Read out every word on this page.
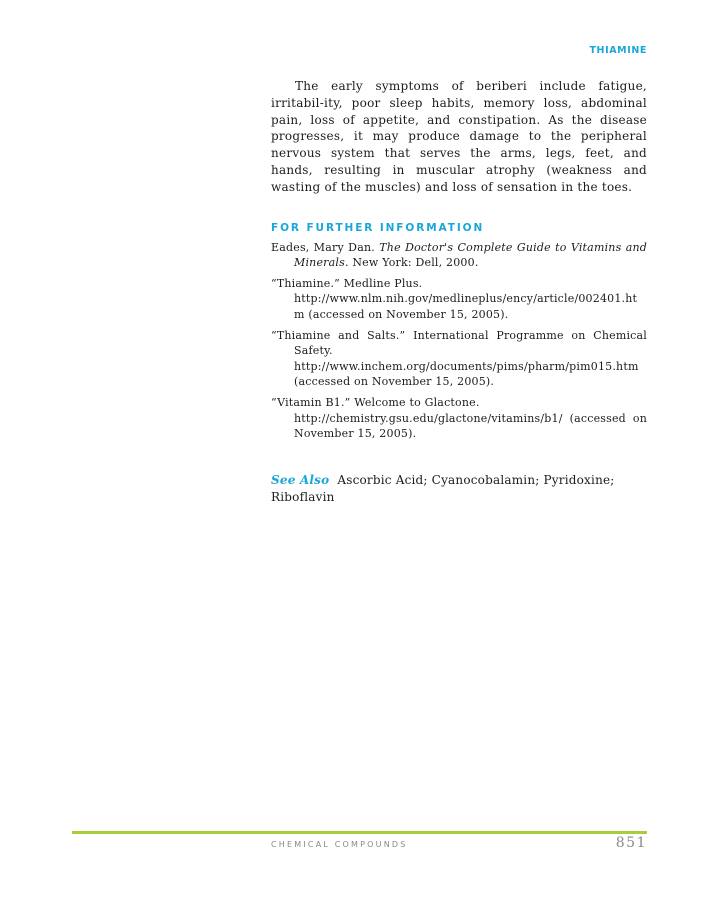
THIAMINE

The early symptoms of beriberi include fatigue, irritabil-ity, poor sleep habits, memory loss, abdominal pain, loss of appetite, and constipation. As the disease progresses, it may produce damage to the peripheral nervous system that serves the arms, legs, feet, and hands, resulting in muscular atrophy (weakness and wasting of the muscles) and loss of sensation in the toes.

FOR FURTHER INFORMATION

Eades, Mary Dan. The Doctor's Complete Guide to Vitamins and Minerals. New York: Dell, 2000.

“Thiamine.” Medline Plus.
http://www.nlm.nih.gov/medlineplus/ency/article/002401.htm (accessed on November 15, 2005).

“Thiamine and Salts.” International Programme on Chemical Safety.
http://www.inchem.org/documents/pims/pharm/pim015.htm (accessed on November 15, 2005).

“Vitamin B1.” Welcome to Glactone.
http://chemistry.gsu.edu/glactone/vitamins/b1/ (accessed on November 15, 2005).

See Also Ascorbic Acid; Cyanocobalamin; Pyridoxine; Riboflavin

CHEMICAL COMPOUNDS	851
